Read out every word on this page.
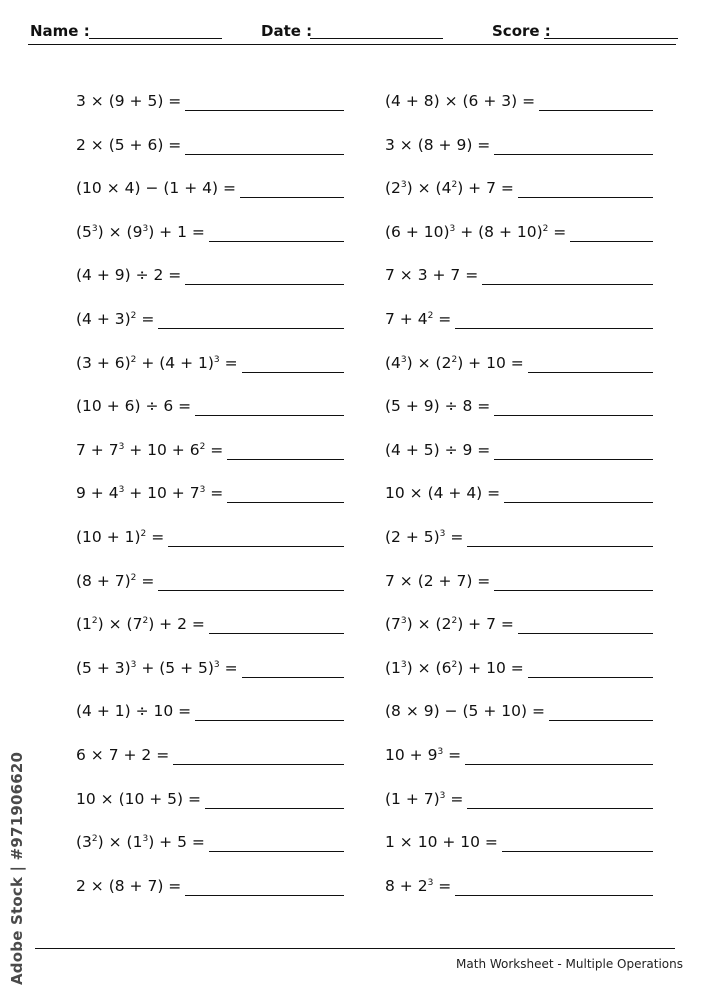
Name :	Date :	Score :
3 × (9 + 5) =
2 × (5 + 6) =
(10 × 4) − (1 + 4) =
$(5^3) \times (9^3) + 1$ =
(4 + 9) ÷ 2 =
$(4 + 3)^2$ =
$(3 + 6)^2 + (4 + 1)^3$ =
(10 + 6) ÷ 6 =
$7 + 7^3 + 10 + 6^2$ =
$9 + 4^3 + 10 + 7^3$ =
$(10 + 1)^2$ =
$(8 + 7)^2$ =
$(1^2) \times (7^2) + 2$ =
$(5 + 3)^3 + (5 + 5)^3$ =
(4 + 1) ÷ 10 =
6 × 7 + 2 =
10 × (10 + 5) =
$(3^2) \times (1^3) + 5$ =
2 × (8 + 7) =
(4 + 8) × (6 + 3) =
3 × (8 + 9) =
$(2^3) \times (4^2) + 7$ =
$(6 + 10)^3 + (8 + 10)^2$ =
7 × 3 + 7 =
$7 + 4^2$ =
$(4^3) \times (2^2) + 10$ =
(5 + 9) ÷ 8 =
(4 + 5) ÷ 9 =
10 × (4 + 4) =
$(2 + 5)^3$ =
7 × (2 + 7) =
$(7^3) \times (2^2) + 7$ =
$(1^3) \times (6^2) + 10$ =
(8 × 9) − (5 + 10) =
$10 + 9^3$ =
$(1 + 7)^3$ =
1 × 10 + 10 =
$8 + 2^3$ =
Math Worksheet - Multiple Operations
Adobe Stock | #971906620
